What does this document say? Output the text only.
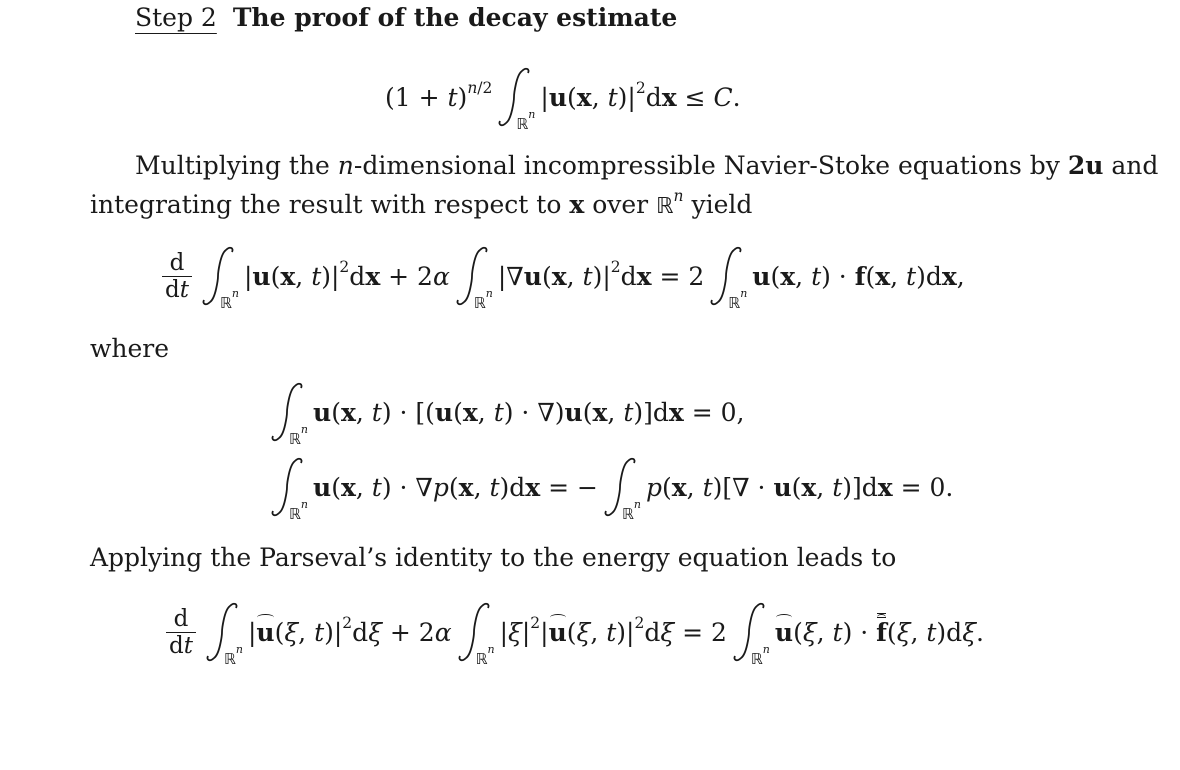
Step 2 The proof of the decay estimate
$(1 + t)^{n/2}$
ℝ$^n$
|u(x, $t)|^2dx \le C$.
Multiplying the n-dimensional incompressible Navier-Stoke equations by 2u and
integrating the result with respect to x over ℝ$^n$ yield
$\frac{d}{dt}$
ℝ$^n$
|u(x, $t)|^2dx + 2\alpha$
ℝ$^n$
|∇u(x, $t)|^2dx = 2$
ℝ$^n$
u(x, t) · f(x, t)dx,
where
ℝ$^n$
u(x, t) · [(u(x, t) · ∇)u(x, t)]dx = 0,
ℝ$^n$
u(x, t) · ∇p(x, t)dx = −
ℝ$^n$
p(x, t)[∇ · u(x, t)]dx = 0.
Applying the Parseval’s identity to the energy equation leads to
$\frac{d}{dt}$
ℝ$^n$
|u(ξ, $t)|^2d\xi + 2\alpha$
ℝ$^n$
$|\xi|^2|u(\xi$, $t)|^2d\xi = 2$
ℝ$^n$
u(ξ, t) · f(ξ, t)dξ.
